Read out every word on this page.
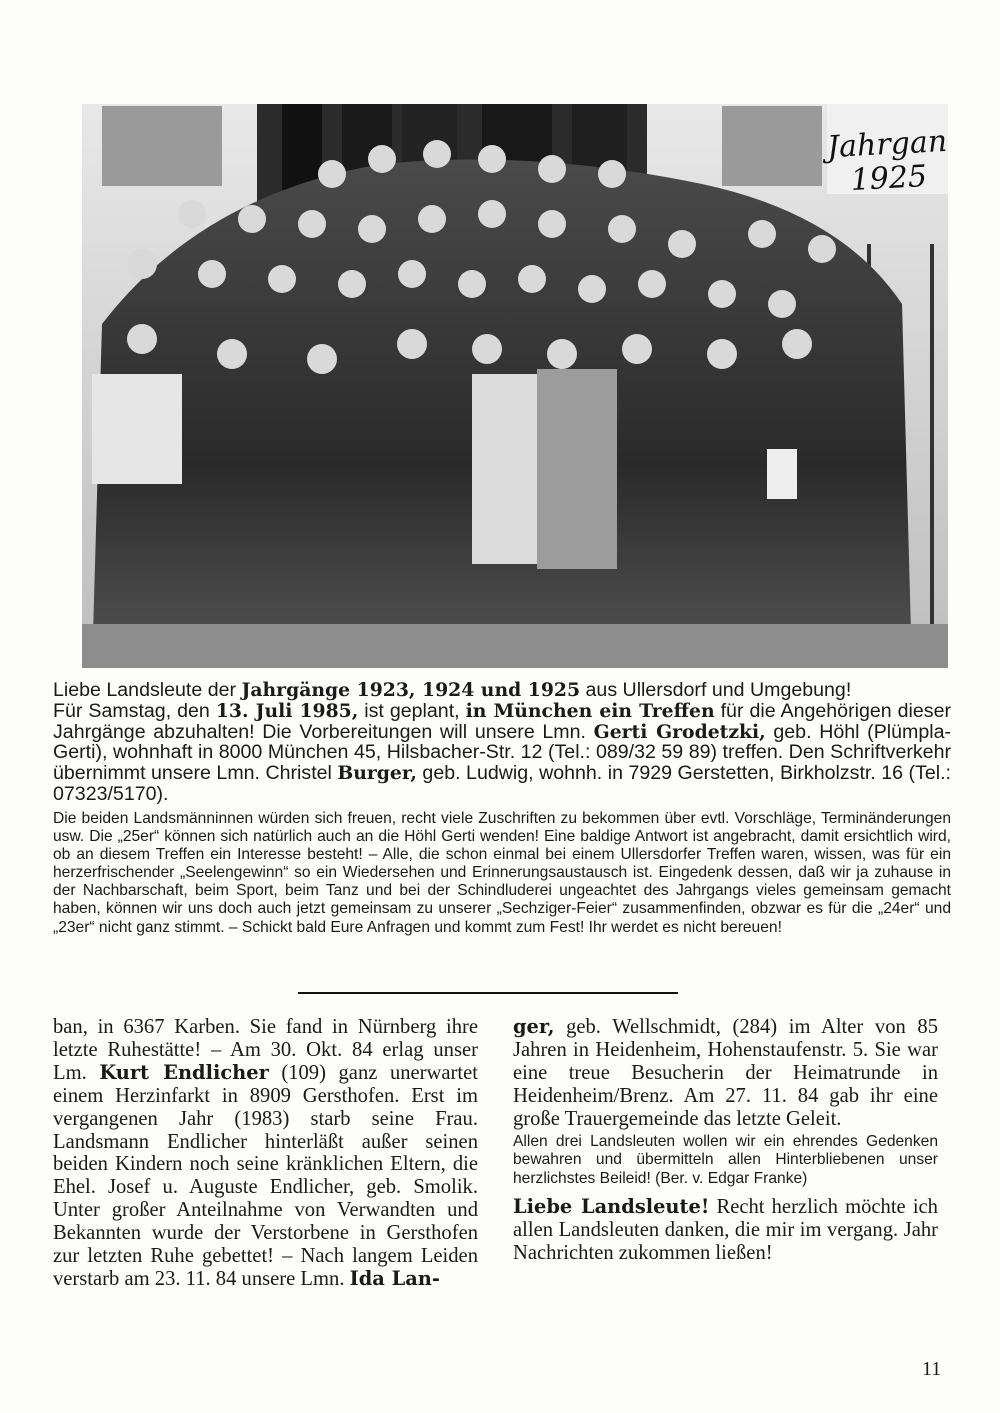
Jahrgan
1925

Liebe Landsleute der Jahrgänge 1923, 1924 und 1925 aus Ullersdorf und Umgebung!

Für Samstag, den 13. Juli 1985, ist geplant, in München ein Treffen für die Angehörigen dieser Jahrgänge abzuhalten! Die Vorbereitungen will unsere Lmn. Gerti Grodetzki, geb. Höhl (Plümpla-Gerti), wohnhaft in 8000 München 45, Hilsbacher-Str. 12 (Tel.: 089/32 59 89) treffen. Den Schriftverkehr übernimmt unsere Lmn. Christel Burger, geb. Ludwig, wohnh. in 7929 Gerstetten, Birkholzstr. 16 (Tel.: 07323/5170).

Die beiden Landsmänninnen würden sich freuen, recht viele Zuschriften zu bekommen über evtl. Vorschläge, Terminänderungen usw. Die „25er“ können sich natürlich auch an die Höhl Gerti wenden! Eine baldige Antwort ist angebracht, damit ersichtlich wird, ob an diesem Treffen ein Interesse besteht! – Alle, die schon einmal bei einem Ullersdorfer Treffen waren, wissen, was für ein herzerfrischender „Seelengewinn“ so ein Wiedersehen und Erinnerungsaustausch ist. Eingedenk dessen, daß wir ja zuhause in der Nachbarschaft, beim Sport, beim Tanz und bei der Schindluderei ungeachtet des Jahrgangs vieles gemeinsam gemacht haben, können wir uns doch auch jetzt gemeinsam zu unserer „Sechziger-Feier“ zusammenfinden, obzwar es für die „24er“ und „23er“ nicht ganz stimmt. – Schickt bald Eure Anfragen und kommt zum Fest! Ihr werdet es nicht bereuen!

ban, in 6367 Karben. Sie fand in Nürnberg ihre letzte Ruhestätte! – Am 30. Okt. 84 erlag unser Lm. Kurt Endlicher (109) ganz unerwartet einem Herzinfarkt in 8909 Gersthofen. Erst im vergangenen Jahr (1983) starb seine Frau. Landsmann Endlicher hinterläßt außer seinen beiden Kindern noch seine kränklichen Eltern, die Ehel. Josef u. Auguste Endlicher, geb. Smolik. Unter großer Anteilnahme von Verwandten und Bekannten wurde der Verstorbene in Gersthofen zur letzten Ruhe gebettet! – Nach langem Leiden verstarb am 23. 11. 84 unsere Lmn. Ida Lan-

ger, geb. Wellschmidt, (284) im Alter von 85 Jahren in Heidenheim, Hohenstaufenstr. 5. Sie war eine treue Besucherin der Heimatrunde in Heidenheim/Brenz. Am 27. 11. 84 gab ihr eine große Trauergemeinde das letzte Geleit.

Allen drei Landsleuten wollen wir ein ehrendes Gedenken bewahren und übermitteln allen Hinterbliebenen unser herzlichstes Beileid! (Ber. v. Edgar Franke)

Liebe Landsleute! Recht herzlich möchte ich allen Landsleuten danken, die mir im vergang. Jahr Nachrichten zukommen ließen!

11
